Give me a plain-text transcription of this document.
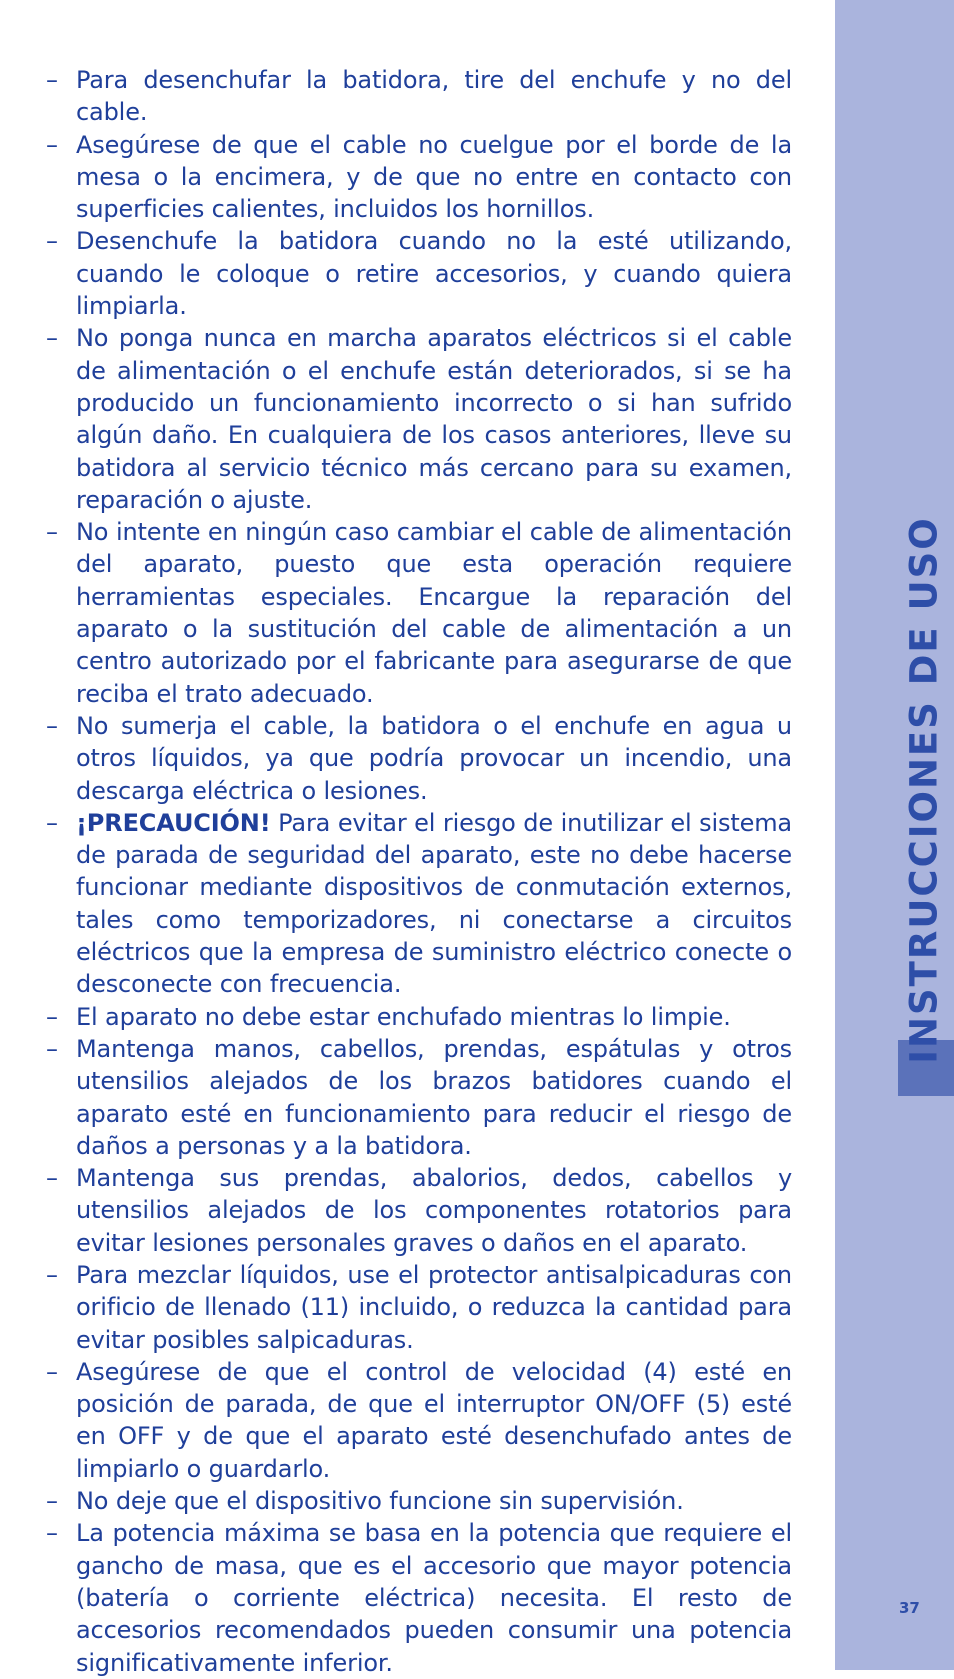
– Para desenchufar la batidora, tire del enchufe y no del cable.
– Asegúrese de que el cable no cuelgue por el borde de la mesa o la encimera, y de que no entre en contacto con superficies calientes, incluidos los hornillos.
– Desenchufe la batidora cuando no la esté utilizando, cuando le coloque o retire accesorios, y cuando quiera limpiarla.
– No ponga nunca en marcha aparatos eléctricos si el cable de alimentación o el enchufe están deteriorados, si se ha producido un funcionamiento incorrecto o si han sufrido algún daño. En cualquiera de los casos anteriores, lleve su batidora al servicio técnico más cercano para su examen, reparación o ajuste.
– No intente en ningún caso cambiar el cable de alimentación del aparato, puesto que esta operación requiere herramientas especiales. Encargue la reparación del aparato o la sustitución del cable de alimentación a un centro autorizado por el fabricante para asegurarse de que reciba el trato adecuado.
– No sumerja el cable, la batidora o el enchufe en agua u otros líquidos, ya que podría provocar un incendio, una descarga eléctrica o lesiones.
– ¡PRECAUCIÓN! Para evitar el riesgo de inutilizar el sistema de parada de seguridad del aparato, este no debe hacerse funcionar mediante dispositivos de conmutación externos, tales como temporizadores, ni conectarse a circuitos eléctricos que la empresa de suministro eléctrico conecte o desconecte con frecuencia.
– El aparato no debe estar enchufado mientras lo limpie.
– Mantenga manos, cabellos, prendas, espátulas y otros utensilios alejados de los brazos batidores cuando el aparato esté en funcionamiento para reducir el riesgo de daños a personas y a la batidora.
– Mantenga sus prendas, abalorios, dedos, cabellos y utensilios alejados de los componentes rotatorios para evitar lesiones personales graves o daños en el aparato.
– Para mezclar líquidos, use el protector antisalpicaduras con orificio de llenado (11) incluido, o reduzca la cantidad para evitar posibles salpicaduras.
– Asegúrese de que el control de velocidad (4) esté en posición de parada, de que el interruptor ON/OFF (5) esté en OFF y de que el aparato esté desenchufado antes de limpiarlo o guardarlo.
– No deje que el dispositivo funcione sin supervisión.
– La potencia máxima se basa en la potencia que requiere el gancho de masa, que es el accesorio que mayor potencia (batería o corriente eléctrica) necesita. El resto de accesorios recomendados pueden consumir una potencia significativamente inferior.
INSTRUCCIONES DE USO
37
